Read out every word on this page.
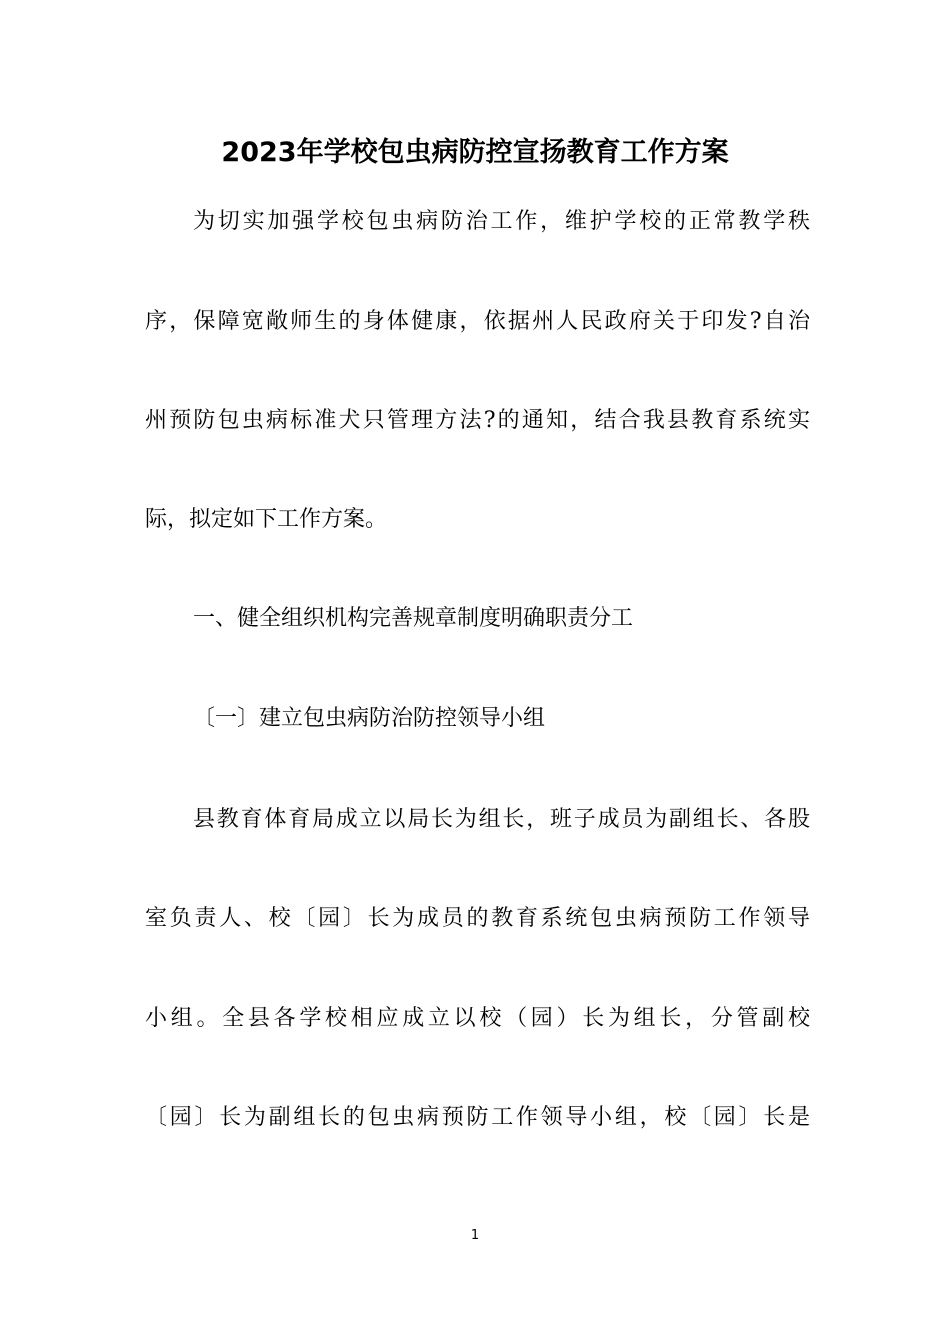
2023年学校包虫病防控宣扬教育工作方案
为切实加强学校包虫病防治工作，维护学校的正常教学秩
序，保障宽敞师生的身体健康，依据州人民政府关于印发?自治
州预防包虫病标准犬只管理方法?的通知，结合我县教育系统实
际，拟定如下工作方案。
一、健全组织机构完善规章制度明确职责分工
〔一〕建立包虫病防治防控领导小组
县教育体育局成立以局长为组长，班子成员为副组长、各股
室负责人、校〔园〕长为成员的教育系统包虫病预防工作领导
小组。全县各学校相应成立以校（园）长为组长，分管副校
〔园〕长为副组长的包虫病预防工作领导小组，校〔园〕长是
1
